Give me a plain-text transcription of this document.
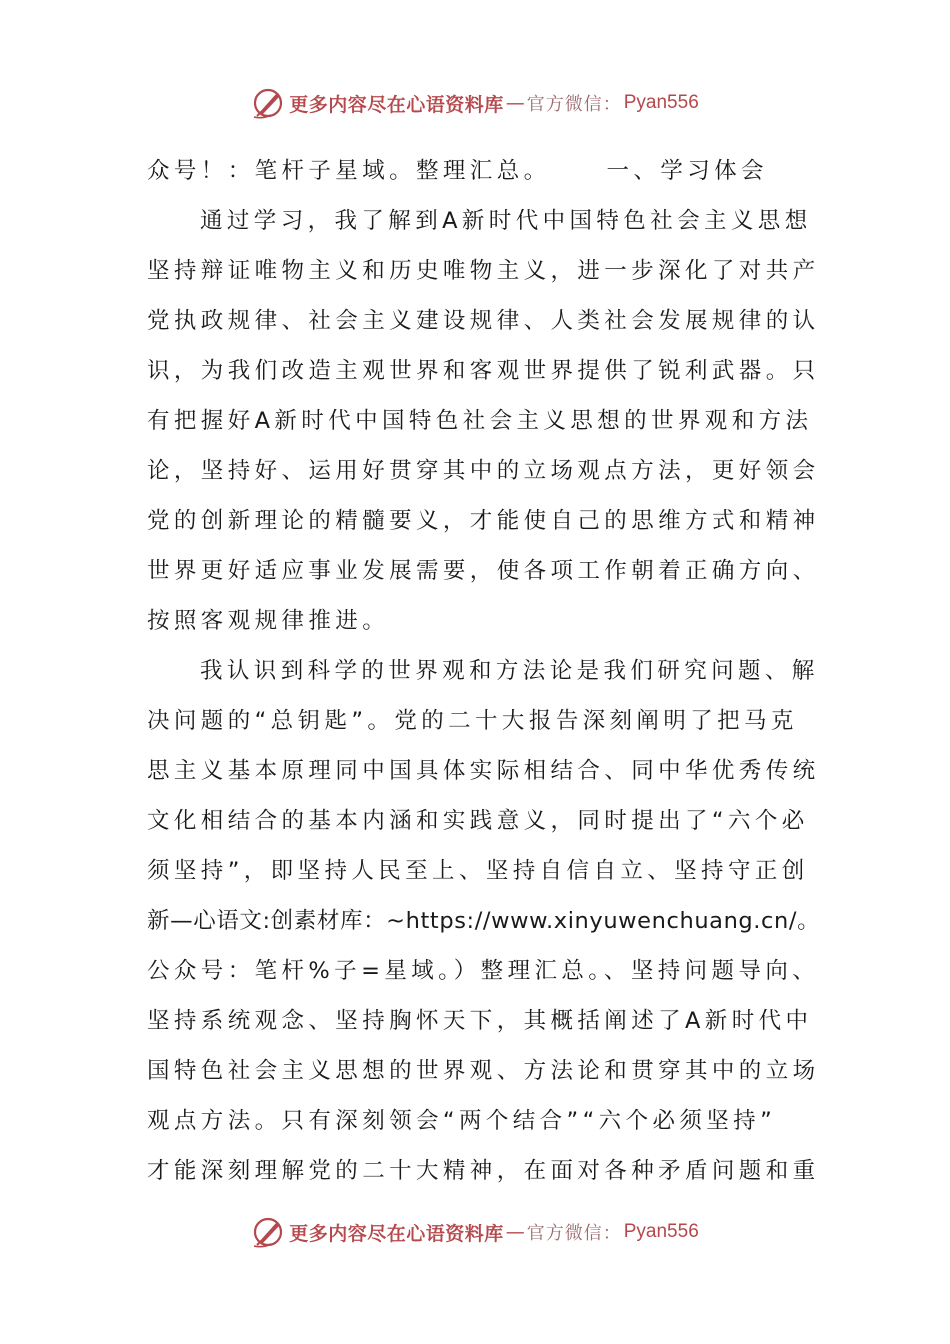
更多内容尽在心语资料库 — 官方微信： Pyan556
众号！：笔杆子星域。整理汇总。 一、学习体会
通过学习，我了解到A新时代中国特色社会主义思想
坚持辩证唯物主义和历史唯物主义，进一步深化了对共产
党执政规律、社会主义建设规律、人类社会发展规律的认
识，为我们改造主观世界和客观世界提供了锐利武器。只
有把握好A新时代中国特色社会主义思想的世界观和方法
论，坚持好、运用好贯穿其中的立场观点方法，更好领会
党的创新理论的精髓要义，才能使自己的思维方式和精神
世界更好适应事业发展需要，使各项工作朝着正确方向、
按照客观规律推进。
我认识到科学的世界观和方法论是我们研究问题、解
决问题的“总钥匙”。党的二十大报告深刻阐明了把马克
思主义基本原理同中国具体实际相结合、同中华优秀传统
文化相结合的基本内涵和实践意义，同时提出了“六个必
须坚持”，即坚持人民至上、坚持自信自立、坚持守正创
新—心语文:创素材库：~https://www.xinyuwenchuang.cn/。
公众号：笔杆%子=星域。）整理汇总。、坚持问题导向、
坚持系统观念、坚持胸怀天下，其概括阐述了A新时代中
国特色社会主义思想的世界观、方法论和贯穿其中的立场
观点方法。只有深刻领会“两个结合”“六个必须坚持”
才能深刻理解党的二十大精神，在面对各种矛盾问题和重
更多内容尽在心语资料库 — 官方微信： Pyan556
